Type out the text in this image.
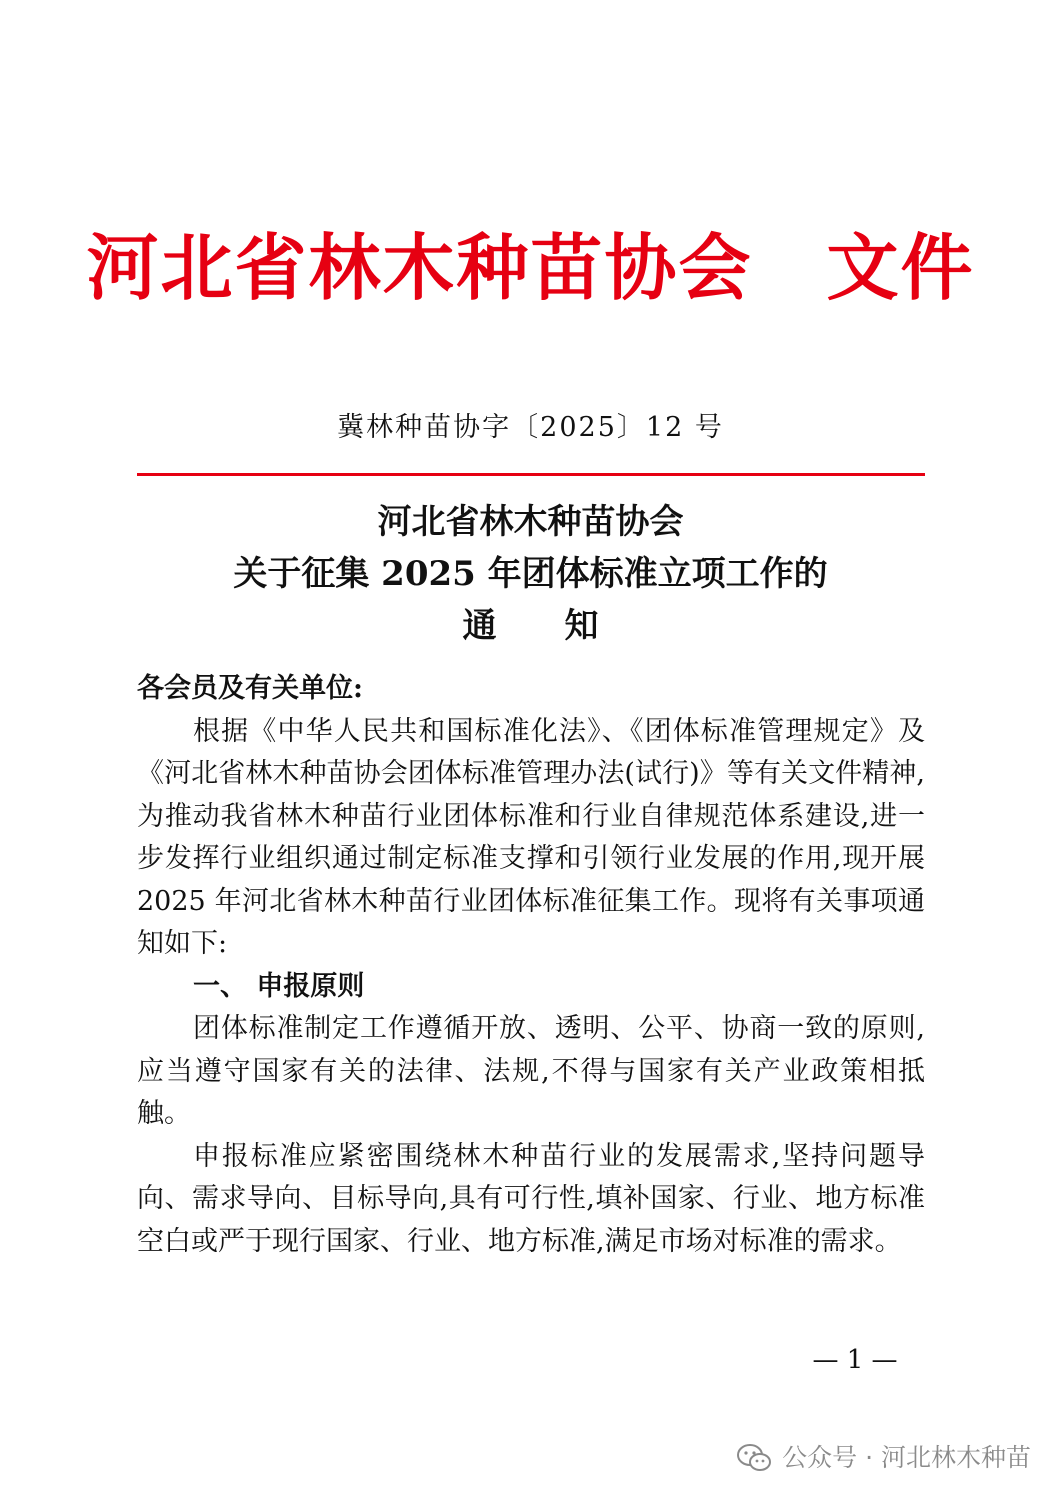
河北省林木种苗协会　 文件
冀林种苗协字〔2025〕12 号
河北省林木种苗协会
关于征集 2025 年团体标准立项工作的
通　　 知

各会员及有关单位:

根据《中华人民共和国标准化法》、《团体标准管理规定》及《河北省林木种苗协会团体标准管理办法(试行)》等有关文件精神,为推动我省林木种苗行业团体标准和行业自律规范体系建设,进一步发挥行业组织通过制定标准支撑和引领行业发展的作用,现开展 2025 年河北省林木种苗行业团体标准征集工作。现将有关事项通知如下:

一、 申报原则

团体标准制定工作遵循开放、透明、公平、协商一致的原则,应当遵守国家有关的法律、法规,不得与国家有关产业政策相抵触。

申报标准应紧密围绕林木种苗行业的发展需求,坚持问题导向、需求导向、目标导向,具有可行性,填补国家、行业、地方标准空白或严于现行国家、行业、地方标准,满足市场对标准的需求。

— 1 —
公众号 · 河北林木种苗
